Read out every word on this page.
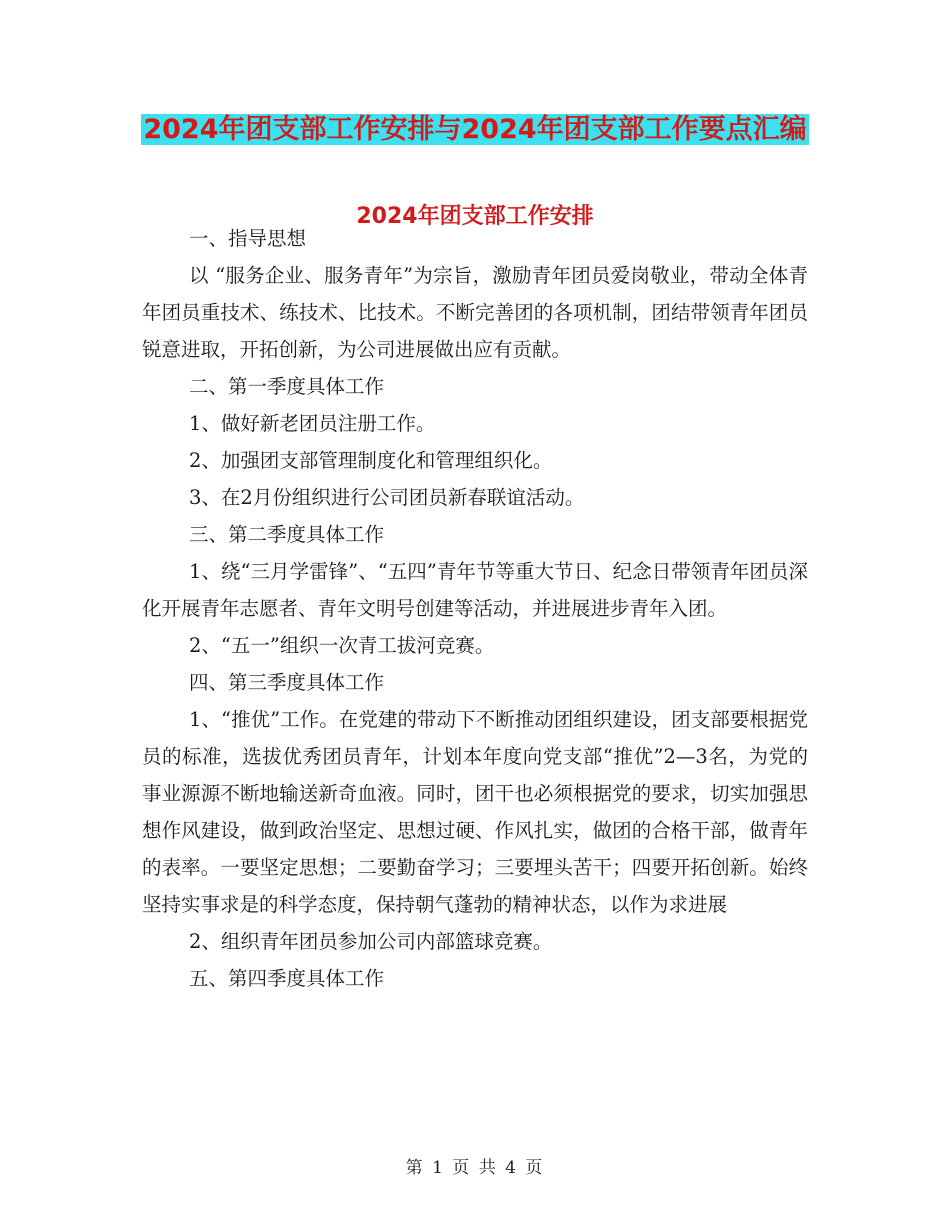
2024年团支部工作安排与2024年团支部工作要点汇编
2024年团支部工作安排

一、指导思想

以 “服务企业、服务青年”为宗旨，激励青年团员爱岗敬业，带动全体青年团员重技术、练技术、比技术。不断完善团的各项机制，团结带领青年团员锐意进取，开拓创新，为公司进展做出应有贡献。

二、第一季度具体工作

1、做好新老团员注册工作。

2、加强团支部管理制度化和管理组织化。

3、在2月份组织进行公司团员新春联谊活动。

三、第二季度具体工作

1、绕“三月学雷锋”、“五四”青年节等重大节日、纪念日带领青年团员深化开展青年志愿者、青年文明号创建等活动，并进展进步青年入团。

2、“五一”组织一次青工拔河竞赛。

四、第三季度具体工作

1、“推优”工作。在党建的带动下不断推动团组织建设，团支部要根据党员的标准，选拔优秀团员青年，计划本年度向党支部“推优”2—3名，为党的事业源源不断地输送新奇血液。同时，团干也必须根据党的要求，切实加强思想作风建设，做到政治坚定、思想过硬、作风扎实，做团的合格干部，做青年的表率。一要坚定思想；二要勤奋学习；三要埋头苦干；四要开拓创新。始终坚持实事求是的科学态度，保持朝气蓬勃的精神状态，以作为求进展

2、组织青年团员参加公司内部篮球竞赛。

五、第四季度具体工作

第 1 页 共 4 页
